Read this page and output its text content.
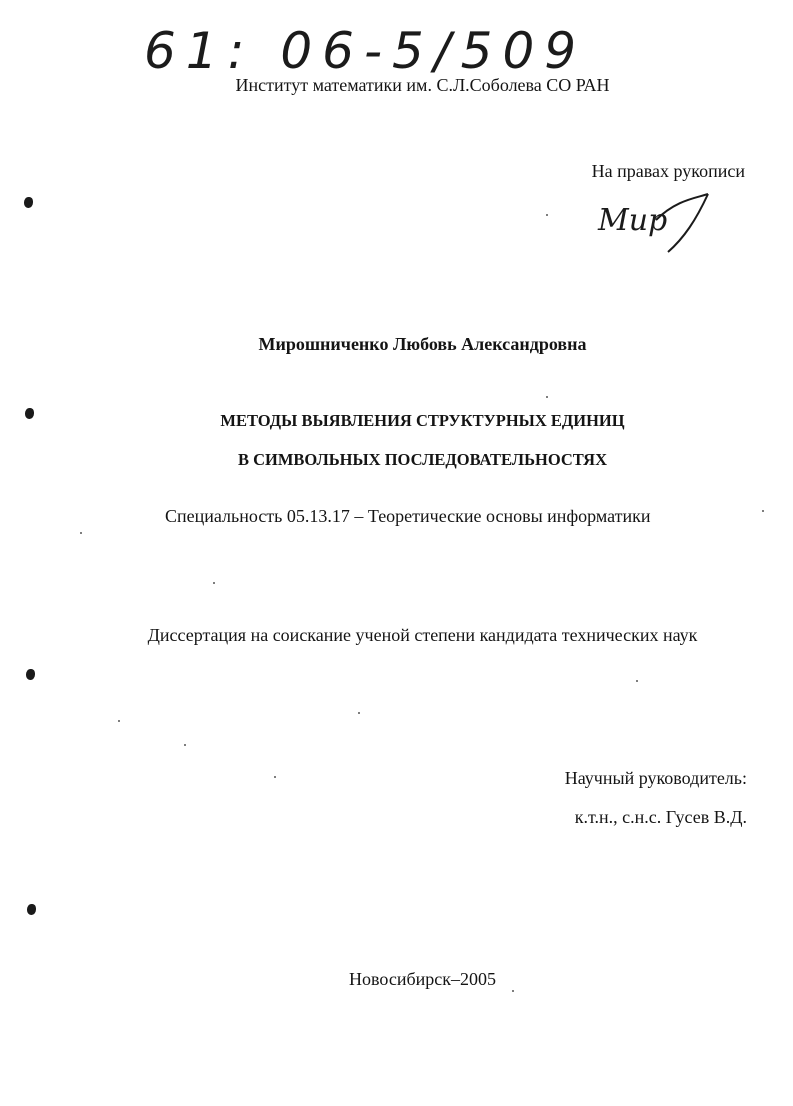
61: 06-5/509
Институт математики им. С.Л.Соболева СО РАН
На правах рукописи
Мир
Мирошниченко Любовь Александровна
МЕТОДЫ ВЫЯВЛЕНИЯ СТРУКТУРНЫХ ЕДИНИЦ
В СИМВОЛЬНЫХ ПОСЛЕДОВАТЕЛЬНОСТЯХ
Специальность 05.13.17 – Теоретические основы информатики
Диссертация на соискание ученой степени кандидата технических наук
Научный руководитель:
к.т.н., с.н.с. Гусев В.Д.
Новосибирск–2005
